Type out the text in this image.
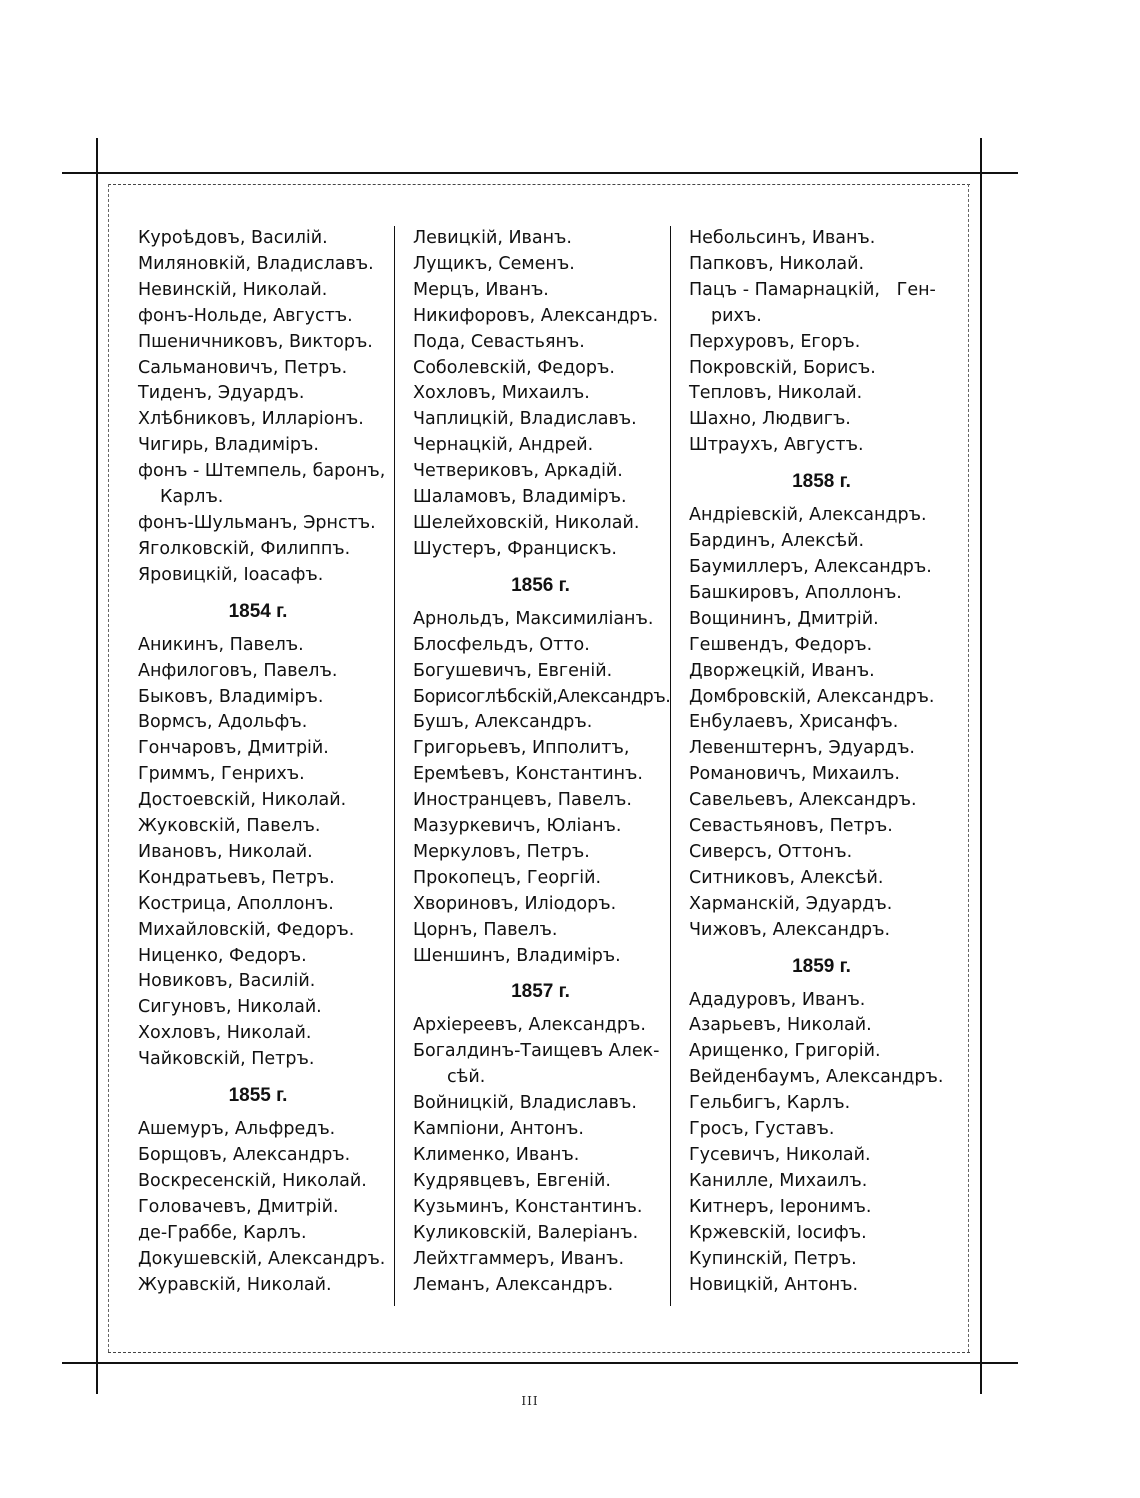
Куроѣдовъ, Василій.
Миляновкій, Владиславъ.
Невинскій, Николай.
фонъ-Нольде, Августъ.
Пшеничниковъ, Викторъ.
Сальмановичъ, Петръ.
Тиденъ, Эдуардъ.
Хлѣбниковъ, Илларіонъ.
Чигирь, Владиміръ.
фонъ - Штемпель, баронъ,
Карлъ.
фонъ-Шульманъ, Эрнстъ.
Яголковскій, Филиппъ.
Яровицкій, Іоасафъ.
1854 г.
Аникинъ, Павелъ.
Анфилоговъ, Павелъ.
Быковъ, Владиміръ.
Вормсъ, Адольфъ.
Гончаровъ, Дмитрій.
Гриммъ, Генрихъ.
Достоевскій, Николай.
Жуковскій, Павелъ.
Ивановъ, Николай.
Кондратьевъ, Петръ.
Кострица, Аполлонъ.
Михайловскій, Федоръ.
Ниценко, Федоръ.
Новиковъ, Василій.
Сигуновъ, Николай.
Хохловъ, Николай.
Чайковскій, Петръ.
1855 г.
Ашемуръ, Альфредъ.
Борщовъ, Александръ.
Воскресенскій, Николай.
Головачевъ, Дмитрій.
де-Граббе, Карлъ.
Докушевскій, Александръ.
Журавскій, Николай.
Левицкій, Иванъ.
Лущикъ, Семенъ.
Мерцъ, Иванъ.
Никифоровъ, Александръ.
Пода, Севастьянъ.
Соболевскій, Федоръ.
Хохловъ, Михаилъ.
Чаплицкій, Владиславъ.
Чернацкій, Андрей.
Четвериковъ, Аркадій.
Шаламовъ, Владиміръ.
Шелейховскій, Николай.
Шустеръ, Францискъ.
1856 г.
Арнольдъ, Максимиліанъ.
Блосфельдъ, Отто.
Богушевичъ, Евгеній.
Борисоглѣбскій,Александръ.
Бушъ, Александръ.
Григорьевъ, Ипполитъ,
Еремѣевъ, Константинъ.
Иностранцевъ, Павелъ.
Мазуркевичъ, Юліанъ.
Меркуловъ, Петръ.
Прокопецъ, Георгій.
Хвориновъ, Иліодоръ.
Цорнъ, Павелъ.
Шеншинъ, Владиміръ.
1857 г.
Архіереевъ, Александръ.
Богалдинъ-Таищевъ Алек-
сѣй.
Войницкій, Владиславъ.
Кампіони, Антонъ.
Клименко, Иванъ.
Кудрявцевъ, Евгеній.
Кузьминъ, Константинъ.
Куликовскій, Валеріанъ.
Лейхтгаммеръ, Иванъ.
Леманъ, Александръ.
Небольсинъ, Иванъ.
Папковъ, Николай.
Пацъ - Памарнацкій,   Ген-
рихъ.
Перхуровъ, Егоръ.
Покровскій, Борисъ.
Тепловъ, Николай.
Шахно, Людвигъ.
Штраухъ, Августъ.
1858 г.
Андріевскій, Александръ.
Бардинъ, Алексѣй.
Баумиллеръ, Александръ.
Башкировъ, Аполлонъ.
Вощининъ, Дмитрій.
Гешвендъ, Федоръ.
Дворжецкій, Иванъ.
Домбровскій, Александръ.
Енбулаевъ, Хрисанфъ.
Левенштернъ, Эдуардъ.
Романовичъ, Михаилъ.
Савельевъ, Александръ.
Севастьяновъ, Петръ.
Сиверсъ, Оттонъ.
Ситниковъ, Алексѣй.
Харманскій, Эдуардъ.
Чижовъ, Александръ.
1859 г.
Ададуровъ, Иванъ.
Азарьевъ, Николай.
Арищенко, Григорій.
Вейденбаумъ, Александръ.
Гельбигъ, Карлъ.
Гросъ, Густавъ.
Гусевичъ, Николай.
Канилле, Михаилъ.
Китнеръ, Іеронимъ.
Кржевскій, Іосифъ.
Купинскій, Петръ.
Новицкій, Антонъ.
III
